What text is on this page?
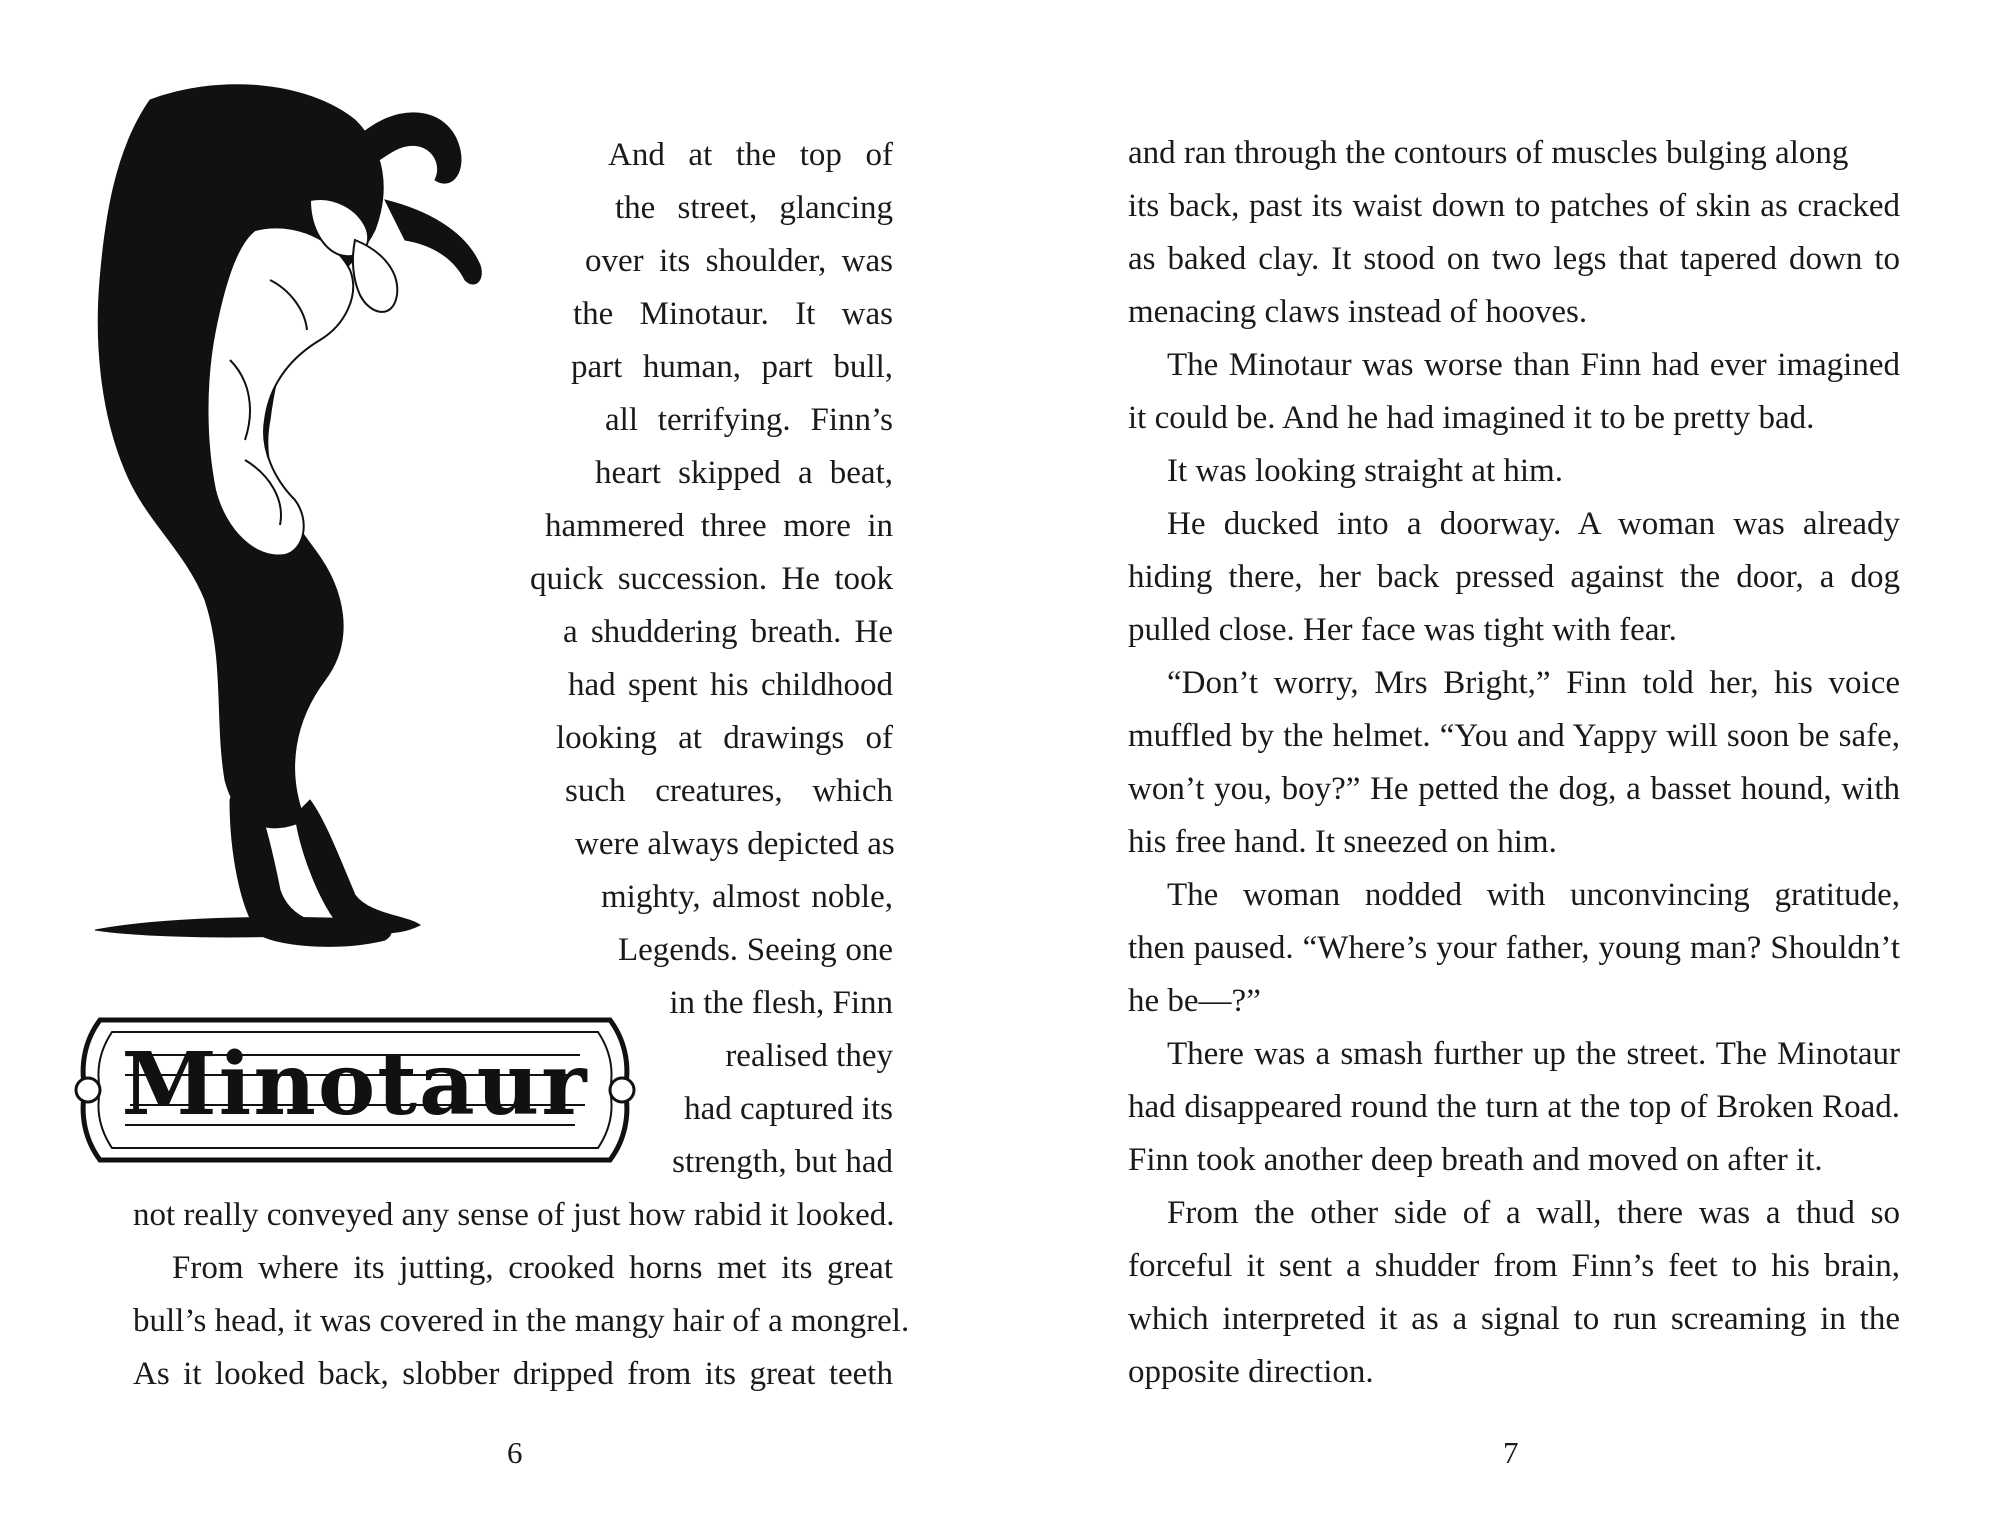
Minotaur
And at the top of
the street, glancing
over its shoulder, was
the Minotaur. It was
part human, part bull,
all terrifying. Finn’s
heart skipped a beat,
hammered three more in
quick succession. He took
a shuddering breath. He
had spent his childhood
looking at drawings of
such creatures, which
were always depicted as
mighty, almost noble,
Legends. Seeing one
in the flesh, Finn
realised they
had captured its
strength, but had
not really conveyed any sense of just how rabid it looked.
From where its jutting, crooked horns met its great
bull’s head, it was covered in the mangy hair of a mongrel.
As it looked back, slobber dripped from its great teeth
6
and ran through the contours of muscles bulging along
its back, past its waist down to patches of skin as cracked
as baked clay. It stood on two legs that tapered down to
menacing claws instead of hooves.
The Minotaur was worse than Finn had ever imagined
it could be. And he had imagined it to be pretty bad.
It was looking straight at him.
He ducked into a doorway. A woman was already
hiding there, her back pressed against the door, a dog
pulled close. Her face was tight with fear.
“Don’t worry, Mrs Bright,” Finn told her, his voice
muffled by the helmet. “You and Yappy will soon be safe,
won’t you, boy?” He petted the dog, a basset hound, with
his free hand. It sneezed on him.
The woman nodded with unconvincing gratitude,
then paused. “Where’s your father, young man? Shouldn’t
he be—?”
There was a smash further up the street. The Minotaur
had disappeared round the turn at the top of Broken Road.
Finn took another deep breath and moved on after it.
From the other side of a wall, there was a thud so
forceful it sent a shudder from Finn’s feet to his brain,
which interpreted it as a signal to run screaming in the
opposite direction.
7
